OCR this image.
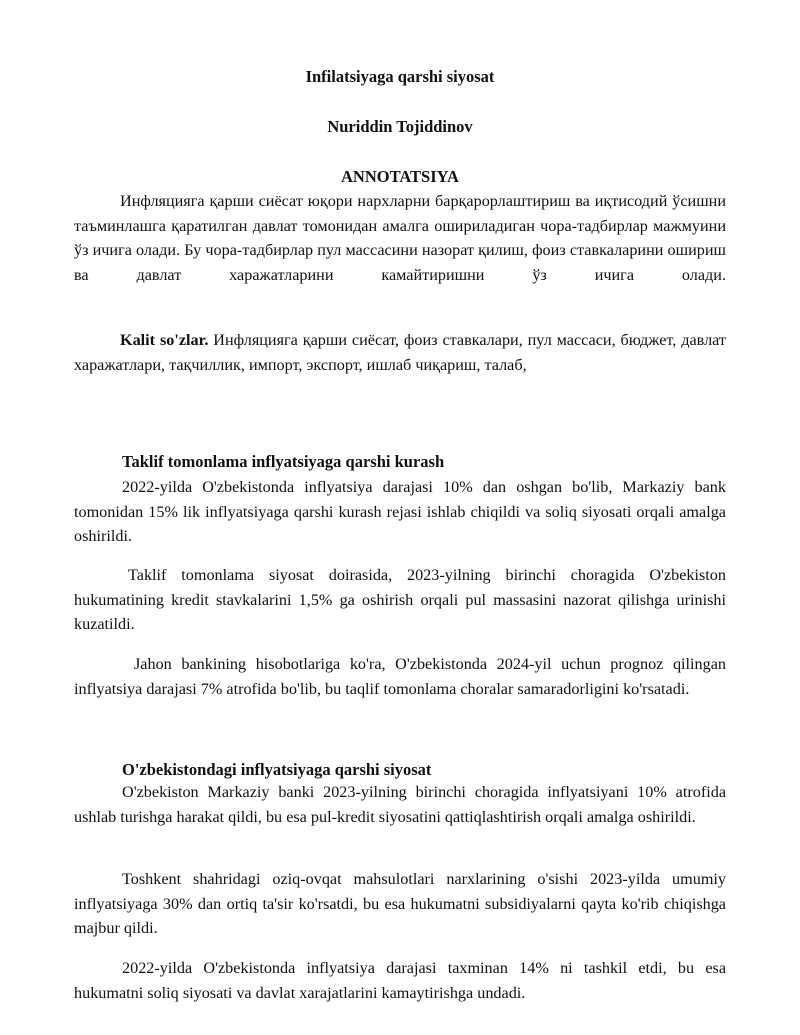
Infilatsiyaga qarshi siyosat
Nuriddin Tojiddinov
ANNOTATSIYA
Инфляцияга қарши сиёсат юқори нархларни барқарорлаштириш ва иқтисодий ўсишни таъминлашга қаратилган давлат томонидан амалга ошириладиган чора-тадбирлар мажмуини ўз ичига олади. Бу чора-тадбирлар пул массасини назорат қилиш, фоиз ставкаларини ошириш ва давлат харажатларини камайтиришни ўз ичига олади.
Kalit so'zlar. Инфляцияга қарши сиёсат, фоиз ставкалари, пул массаси, бюджет, давлат харажатлари, тақчиллик, импорт, экспорт, ишлаб чиқариш, талаб,
Taklif tomonlama inflyatsiyaga qarshi kurash
2022-yilda O'zbekistonda inflyatsiya darajasi 10% dan oshgan bo'lib, Markaziy bank tomonidan 15% lik inflyatsiyaga qarshi kurash rejasi ishlab chiqildi va soliq siyosati orqali amalga oshirildi.
Taklif tomonlama siyosat doirasida, 2023-yilning birinchi choragida O'zbekiston hukumatining kredit stavkalarini 1,5% ga oshirish orqali pul massasini nazorat qilishga urinishi kuzatildi.
Jahon bankining hisobotlariga ko'ra, O'zbekistonda 2024-yil uchun prognoz qilingan inflyatsiya darajasi 7% atrofida bo'lib, bu taqlif tomonlama choralar samaradorligini ko'rsatadi.
O'zbekistondagi inflyatsiyaga qarshi siyosat
O'zbekiston Markaziy banki 2023-yilning birinchi choragida inflyatsiyani 10% atrofida ushlab turishga harakat qildi, bu esa pul-kredit siyosatini qattiqlashtirish orqali amalga oshirildi.
Toshkent shahridagi oziq-ovqat mahsulotlari narxlarining o'sishi 2023-yilda umumiy inflyatsiyaga 30% dan ortiq ta'sir ko'rsatdi, bu esa hukumatni subsidiyalarni qayta ko'rib chiqishga majbur qildi.
2022-yilda O'zbekistonda inflyatsiya darajasi taxminan 14% ni tashkil etdi, bu esa hukumatni soliq siyosati va davlat xarajatlarini kamaytirishga undadi.
